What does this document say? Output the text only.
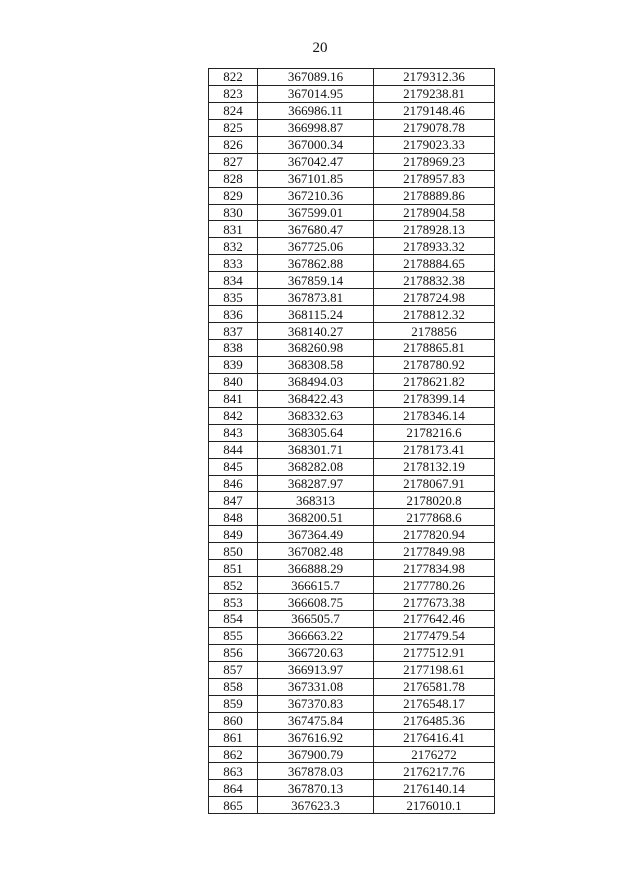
20
822	367089.16	2179312.36
823	367014.95	2179238.81
824	366986.11	2179148.46
825	366998.87	2179078.78
826	367000.34	2179023.33
827	367042.47	2178969.23
828	367101.85	2178957.83
829	367210.36	2178889.86
830	367599.01	2178904.58
831	367680.47	2178928.13
832	367725.06	2178933.32
833	367862.88	2178884.65
834	367859.14	2178832.38
835	367873.81	2178724.98
836	368115.24	2178812.32
837	368140.27	2178856
838	368260.98	2178865.81
839	368308.58	2178780.92
840	368494.03	2178621.82
841	368422.43	2178399.14
842	368332.63	2178346.14
843	368305.64	2178216.6
844	368301.71	2178173.41
845	368282.08	2178132.19
846	368287.97	2178067.91
847	368313	2178020.8
848	368200.51	2177868.6
849	367364.49	2177820.94
850	367082.48	2177849.98
851	366888.29	2177834.98
852	366615.7	2177780.26
853	366608.75	2177673.38
854	366505.7	2177642.46
855	366663.22	2177479.54
856	366720.63	2177512.91
857	366913.97	2177198.61
858	367331.08	2176581.78
859	367370.83	2176548.17
860	367475.84	2176485.36
861	367616.92	2176416.41
862	367900.79	2176272
863	367878.03	2176217.76
864	367870.13	2176140.14
865	367623.3	2176010.1
